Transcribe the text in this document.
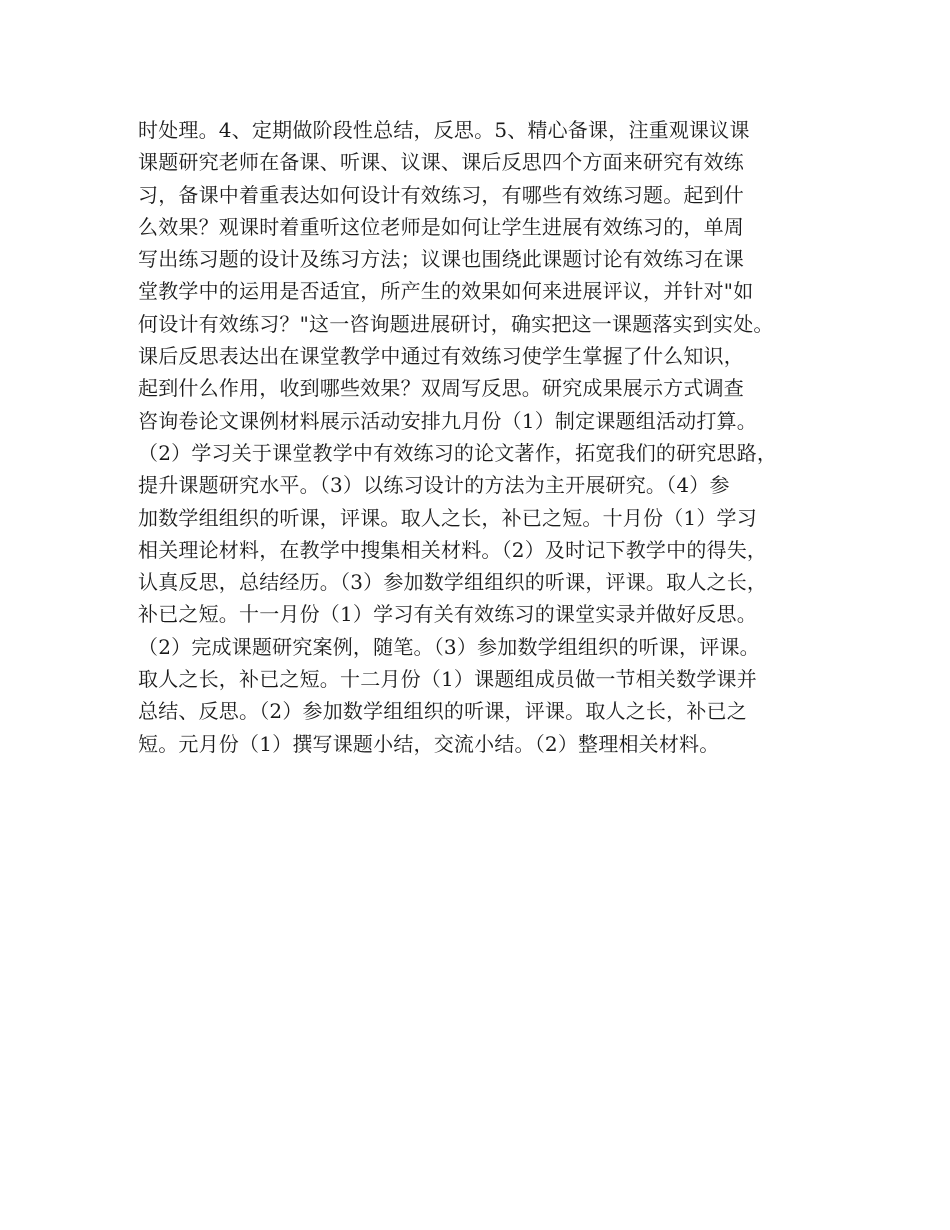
时处理。4、定期做阶段性总结，反思。5、精心备课，注重观课议课
课题研究老师在备课、听课、议课、课后反思四个方面来研究有效练
习，备课中着重表达如何设计有效练习，有哪些有效练习题。起到什
么效果？观课时着重听这位老师是如何让学生进展有效练习的，单周
写出练习题的设计及练习方法；议课也围绕此课题讨论有效练习在课
堂教学中的运用是否适宜，所产生的效果如何来进展评议，并针对"如
何设计有效练习？"这一咨询题进展研讨，确实把这一课题落实到实处。
课后反思表达出在课堂教学中通过有效练习使学生掌握了什么知识，
起到什么作用，收到哪些效果？双周写反思。研究成果展示方式调查
咨询卷论文课例材料展示活动安排九月份（1）制定课题组活动打算。
（2）学习关于课堂教学中有效练习的论文著作，拓宽我们的研究思路，
提升课题研究水平。（3）以练习设计的方法为主开展研究。（4）参
加数学组组织的听课，评课。取人之长，补已之短。十月份（1）学习
相关理论材料，在教学中搜集相关材料。（2）及时记下教学中的得失，
认真反思，总结经历。（3）参加数学组组织的听课，评课。取人之长，
补已之短。十一月份（1）学习有关有效练习的课堂实录并做好反思。
（2）完成课题研究案例，随笔。（3）参加数学组组织的听课，评课。
取人之长，补已之短。十二月份（1）课题组成员做一节相关数学课并
总结、反思。（2）参加数学组组织的听课，评课。取人之长，补已之
短。元月份（1）撰写课题小结，交流小结。（2）整理相关材料。
